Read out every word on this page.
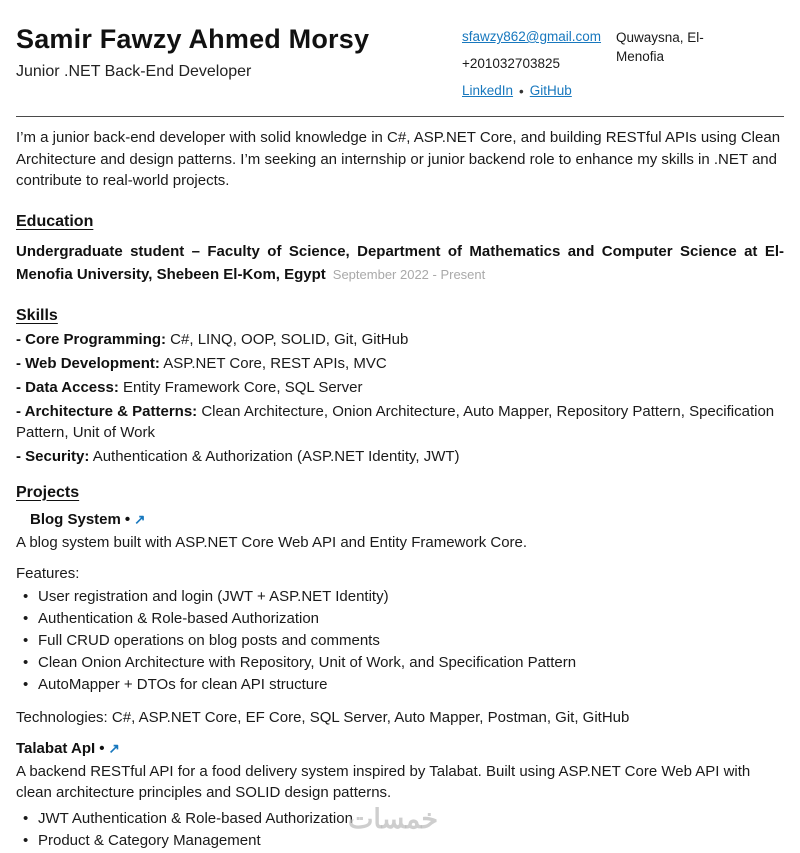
Samir Fawzy Ahmed Morsy
Junior .NET Back-End Developer
sfawzy862@gmail.com
+201032703825
LinkedIn • GitHub
Quwaysna, El-Menofia

I’m a junior back-end developer with solid knowledge in C#, ASP.NET Core, and building RESTful APIs using Clean Architecture and design patterns. I’m seeking an internship or junior backend role to enhance my skills in .NET and contribute to real-world projects.

Education

Undergraduate student – Faculty of Science, Department of Mathematics and Computer Science at El-Menofia University, Shebeen El-Kom, Egypt September 2022 - Present

Skills
- Core Programming: C#, LINQ, OOP, SOLID, Git, GitHub
- Web Development: ASP.NET Core, REST APIs, MVC
- Data Access: Entity Framework Core, SQL Server
- Architecture & Patterns: Clean Architecture, Onion Architecture, Auto Mapper, Repository Pattern, Specification Pattern, Unit of Work
- Security: Authentication & Authorization (ASP.NET Identity, JWT)
Projects
Blog System • ↗

A blog system built with ASP.NET Core Web API and Entity Framework Core.

Features:
• User registration and login (JWT + ASP.NET Identity)
• Authentication & Role-based Authorization
• Full CRUD operations on blog posts and comments
• Clean Onion Architecture with Repository, Unit of Work, and Specification Pattern
• AutoMapper + DTOs for clean API structure

Technologies: C#, ASP.NET Core, EF Core, SQL Server, Auto Mapper, Postman, Git, GitHub

Talabat ApI • ↗

A backend RESTful API for a food delivery system inspired by Talabat. Built using ASP.NET Core Web API with clean architecture principles and SOLID design patterns.

• JWT Authentication & Role-based Authorization
• Product & Category Management
خمسات
